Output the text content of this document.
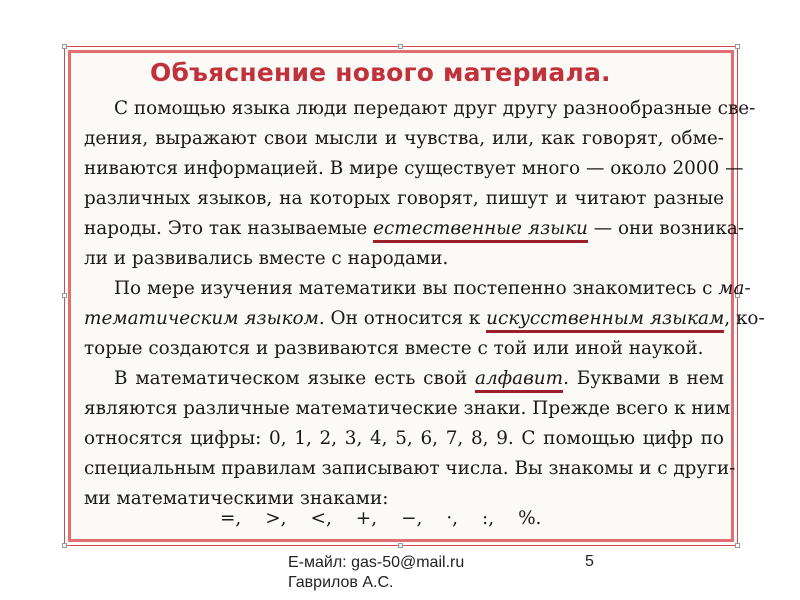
Объяснение нового материала.
С помощью языка люди передают друг другу разнообразные све-
дения, выражают свои мысли и чувства, или, как говорят, обме-
ниваются информацией. В мире существует много — около 2000 —
различных языков, на которых говорят, пишут и читают разные
народы. Это так называемые естественные языки — они возника-
ли и развивались вместе с народами.
По мере изучения математики вы постепенно знакомитесь с ма-
тематическим языком. Он относится к искусственным языкам, ко-
торые создаются и развиваются вместе с той или иной наукой.
В математическом языке есть свой алфавит. Буквами в нем
являются различные математические знаки. Прежде всего к ним
относятся цифры: 0, 1, 2, 3, 4, 5, 6, 7, 8, 9. С помощью цифр по
специальным правилам записывают числа. Вы знакомы и с други-
ми математическими знаками:
=, >, <, +, −, ·, :, %.
Е-майл: gas-50@mail.ru
Гаврилов А.С.
5
